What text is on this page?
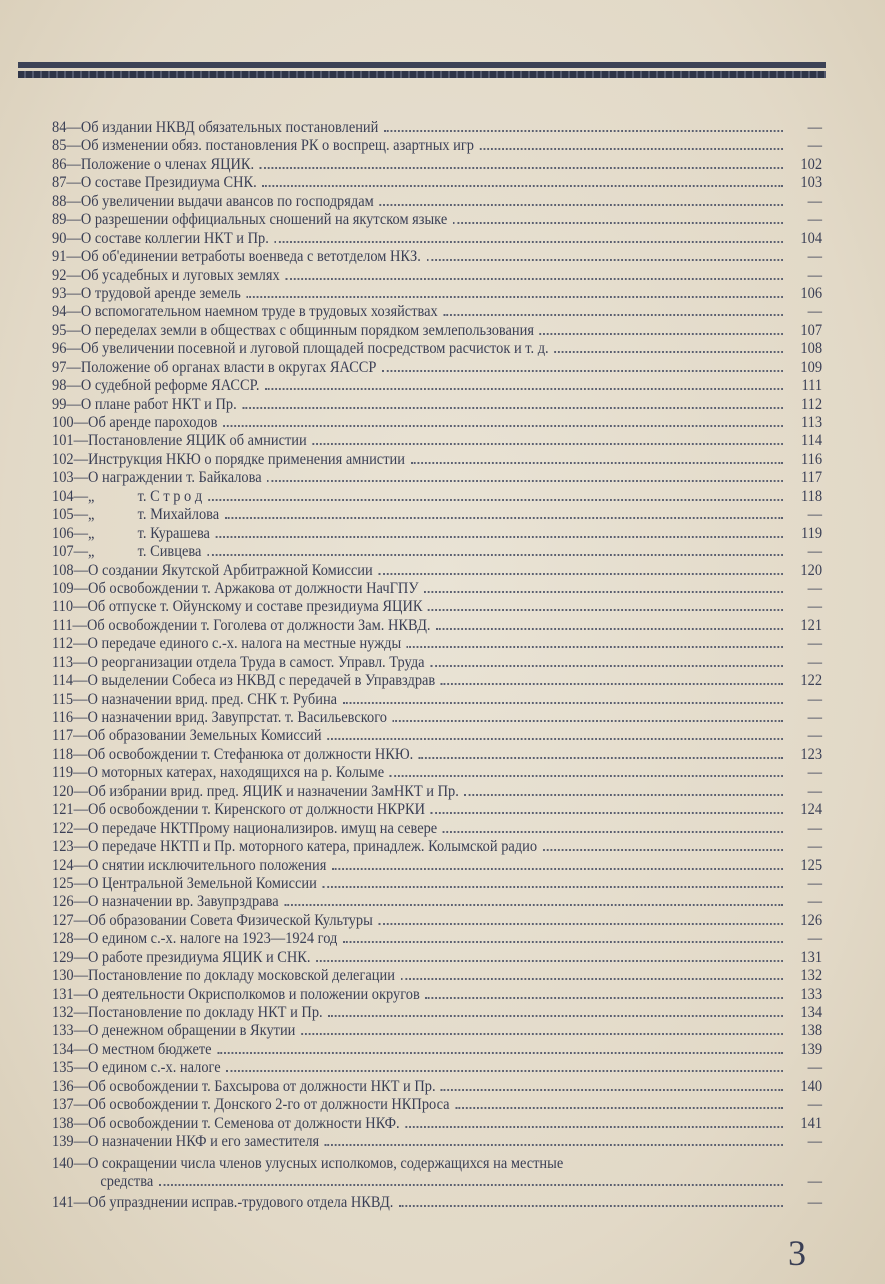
84 — Об издании НКВД обязательных постановлений	—
85 — Об изменении обяз. постановления РК о воспрещ. азартных игр	—
86 — Положение о членах ЯЦИК.	102
87 — О составе Президиума СНК.	103
88 — Об увеличении выдачи авансов по господрядам	—
89 — О разрешении оффициальных сношений на якутском языке	—
90 — О составе коллегии НКТ и Пр.	104
91 — Об об'единении ветработы военведа с ветотделом НКЗ.	—
92 — Об усадебных и луговых землях	—
93 — О трудовой аренде земель	106
94 — О вспомогательном наемном труде в трудовых хозяйствах	—
95 — О переделах земли в обществах с общинным порядком землепользования	107
96 — Об увеличении посевной и луговой площадей посредством расчисток и т. д.	108
97 — Положение об органах власти в округах ЯАССР	109
98 — О судебной реформе ЯАССР.	111
99 — О плане работ НКТ и Пр.	112
100 — Об аренде пароходов	113
101 — Постановление ЯЦИК об амнистии	114
102 — Инструкция НКЮ о порядке применения амнистии	116
103 — О награждении т. Байкалова	117
104 — „            т. С т р о д	118
105 — „            т. Михайлова	—
106 — „            т. Курашева	119
107 — „            т. Сивцева	—
108 — О создании Якутской Арбитражной Комиссии	120
109 — Об освобождении т. Аржакова от должности НачГПУ	—
110 — Об отпуске т. Ойунскому и составе президиума ЯЦИК	—
111 — Об освобождении т. Гоголева от должности Зам. НКВД.	121
112 — О передаче единого с.-х. налога на местные нужды	—
113 — О реорганизации отдела Труда в самост. Управл. Труда	—
114 — О выделении Собеса из НКВД с передачей в Управздрав	122
115 — О назначении врид. пред. СНК т. Рубина	—
116 — О назначении врид. Завупрстат. т. Васильевского	—
117 — Об образовании Земельных Комиссий	—
118 — Об освобождении т. Стефанюка от должности НКЮ.	123
119 — О моторных катерах, находящихся на р. Колыме	—
120 — Об избрании врид. пред. ЯЦИК и назначении ЗамНКТ и Пр.	—
121 — Об освобождении т. Киренского от должности НКРКИ	124
122 — О передаче НКТПрому национализиров. имущ на севере	—
123 — О передаче НКТП и Пр. моторного катера, принадлеж. Колымской радио	—
124 — О снятии исключительного положения	125
125 — О Центральной Земельной Комиссии	—
126 — О назначении вр. Завупрздрава	—
127 — Об образовании Совета Физической Культуры	126
128 — О едином с.-х. налоге на 1923—1924 год	—
129 — О работе президиума ЯЦИК и СНК.	131
130 — Постановление по докладу московской делегации	132
131 — О деятельности Окрисполкомов и положении округов	133
132 — Постановление по докладу НКТ и Пр.	134
133 — О денежном обращении в Якутии	138
134 — О местном бюджете	139
135 — О едином с.-х. налоге	—
136 — Об освобождении т. Бахсырова от должности НКТ и Пр.	140
137 — Об освобождении т. Донского 2-го от должности НКПроса	—
138 — Об освобождении т. Семенова от должности НКФ.	141
139 — О назначении НКФ и его заместителя	—
140—О сокращении числа членов улусных исполкомов, содержащихся на местные
средства	—
141 — Об упразднении исправ.-трудового отдела НКВД.	—
3
